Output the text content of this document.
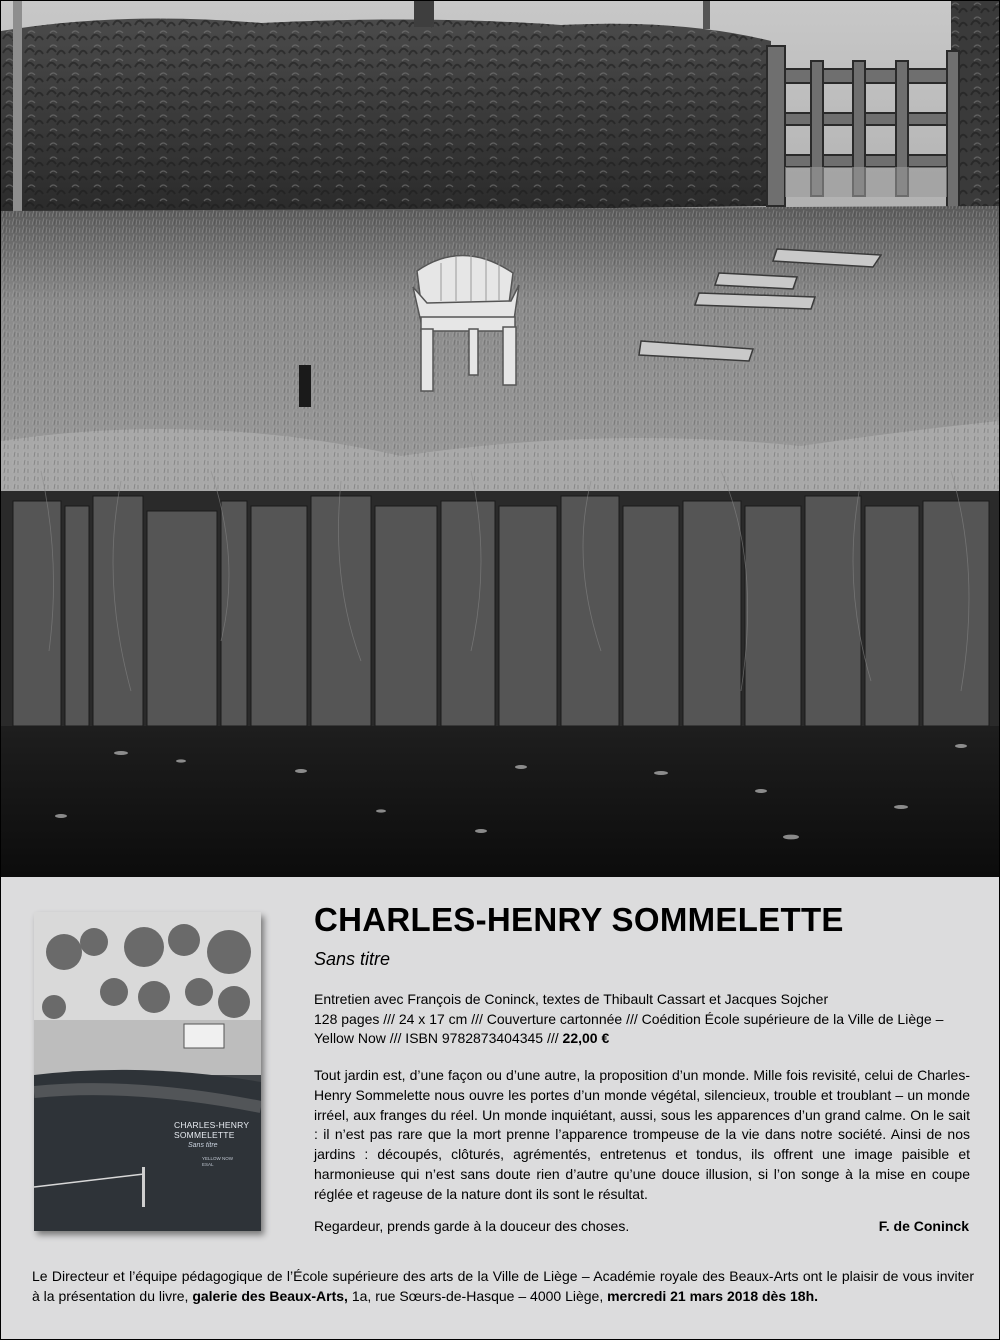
CHARLES-HENRY
SOMMELETTE
Sans titre
YELLOW NOW
ESAL
CHARLES-HENRY SOMMELETTE
Sans titre
Entretien avec François de Coninck, textes de Thibault Cassart et Jacques Sojcher
128 pages /// 24 x 17 cm /// Couverture cartonnée /// Coédition École supérieure de la Ville de Liège – Yellow Now /// ISBN 9782873404345 /// 22,00 €
Tout jardin est, d’une façon ou d’une autre, la proposition d’un monde. Mille fois revisité, celui de Charles-Henry Sommelette nous ouvre les portes d’un monde végétal, silencieux, trouble et troublant – un monde irréel, aux franges du réel. Un monde inquiétant, aussi, sous les apparences d’un grand calme. On le sait : il n’est pas rare que la mort prenne l’apparence trompeuse de la vie dans notre société. Ainsi de nos jardins : découpés, clôturés, agrémentés, entretenus et tondus, ils offrent une image paisible et harmonieuse qui n’est sans doute rien d’autre qu’une douce illusion, si l’on songe à la mise en coupe réglée et rageuse de la nature dont ils sont le résultat.
Regardeur, prends garde à la douceur des choses.	F. de Coninck
Le Directeur et l’équipe pédagogique de l’École supérieure des arts de la Ville de Liège – Académie royale des Beaux-Arts ont le plaisir de vous inviter à la présentation du livre, galerie des Beaux-Arts, 1a, rue Sœurs-de-Hasque – 4000 Liège, mercredi 21 mars 2018 dès 18h.
